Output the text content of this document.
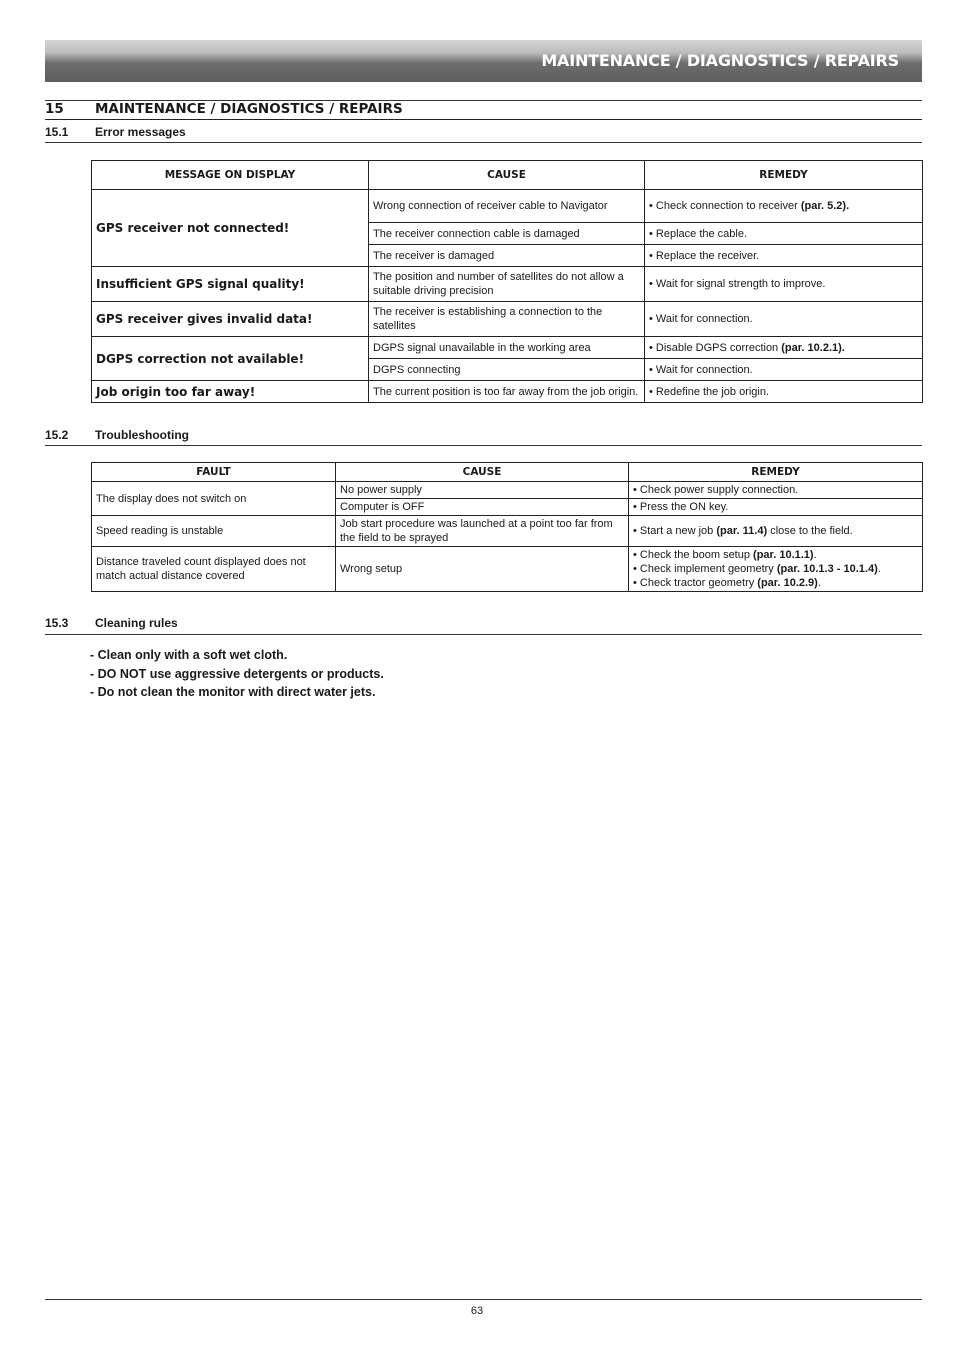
MAINTENANCE / DIAGNOSTICS / REPAIRS
15 MAINTENANCE / DIAGNOSTICS / REPAIRS
15.1 Error messages
MESSAGE ON DISPLAY	CAUSE	REMEDY
GPS receiver not connected!	Wrong connection of receiver cable to Navigator	• Check connection to receiver (par. 5.2).
	The receiver connection cable is damaged	• Replace the cable.
	The receiver is damaged	• Replace the receiver.
Insufficient GPS signal quality!	The position and number of satellites do not allow a suitable driving precision	• Wait for signal strength to improve.
GPS receiver gives invalid data!	The receiver is establishing a connection to the satellites	• Wait for connection.
DGPS correction not available!	DGPS signal unavailable in the working area	• Disable DGPS correction (par. 10.2.1).
	DGPS connecting	• Wait for connection.
Job origin too far away!	The current position is too far away from the job origin.	• Redefine the job origin.
15.2 Troubleshooting
FAULT	CAUSE	REMEDY
The display does not switch on	No power supply	• Check power supply connection.

	Computer is OFF	• Press the ON key.

Speed reading is unstable	Job start procedure was launched at a point too far from the field to be sprayed	• Start a new job (par. 11.4) close to the field.

Distance traveled count displayed does not match actual distance covered	Wrong setup	• Check the boom setup (par. 10.1.1).
• Check implement geometry (par. 10.1.3 - 10.1.4).
• Check tractor geometry (par. 10.2.9).
15.3 Cleaning rules
- Clean only with a soft wet cloth.
- DO NOT use aggressive detergents or products.
- Do not clean the monitor with direct water jets.
63
